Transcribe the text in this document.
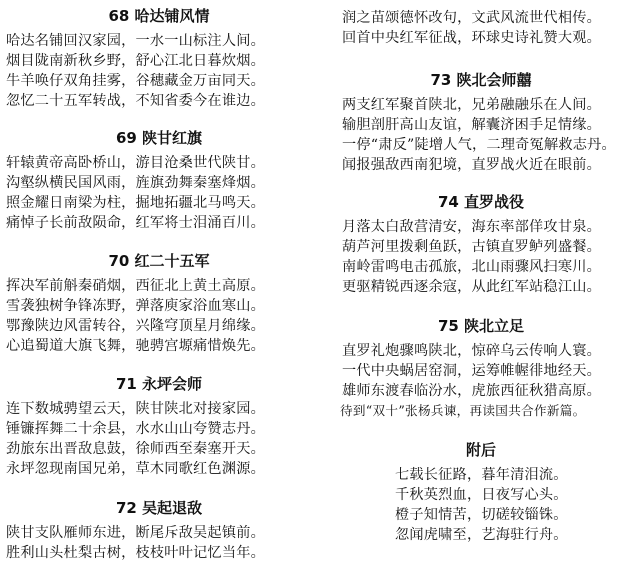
68 哈达铺风情
哈达名铺回汉家园，一水一山标注人间。
烟目陇南新秋乡野，舒心江北日暮炊烟。
牛羊唤仔双角挂雾，谷穗藏金万亩同天。
忽忆二十五军转战，不知省委今在谁边。
69 陕甘红旗
轩辕黄帝高卧桥山，游目沧桑世代陕甘。
沟壑纵横民国风雨，旌旗劲舞秦塞烽烟。
照金耀日南梁为柱，掘地拓疆北马鸣天。
痛悼子长前敌陨命，红军将士泪涌百川。
70 红二十五军
挥决军前斛秦硝烟，西征北上黄土高原。
雪袭独树争锋冻野，弹落庾家浴血寒山。
鄂豫陕边风雷转谷，兴隆穹顶星月绵缘。
心追蜀道大旗飞舞，驰骋宫塬痛惜焕先。
71 永坪会师
连下数城骋望云天，陕甘陕北对接家园。
锤镰挥舞二十余县，水水山山夸赞志丹。
劲旅东出晋敌息鼓，徐师西至秦塞开天。
永坪忽现南国兄弟，草木同歌红色渊源。
72 吴起退敌
陕甘支队雁师东进，断尾斥敌吴起镇前。
胜利山头杜梨古树，枝枝叶叶记忆当年。
润之苗颂德怀改句，文武风流世代相传。
回首中央红军征战，环球史诗礼赞大观。
73 陕北会师囍
两支红军聚首陕北，兄弟融融乐在人间。
输胆剖肝高山友谊，解囊济困手足情缘。
一停“肃反”陡增人气，二理奇冤解救志丹。
闻报强敌西南犯境，直罗战火近在眼前。
74 直罗战役
月落太白敌营清安，海东率部佯攻甘泉。
葫芦河里拨剩鱼跃，古镇直罗鲈列盛餐。
南岭雷鸣电击孤旅，北山雨骤风扫寒川。
更驱精锐西逐余寇，从此红军站稳江山。
75 陕北立足
直罗礼炮骤鸣陕北，惊碎乌云传响人寰。
一代中央蜗居窑洞，运筹帷幄徘地经天。
雄师东渡春临汾水，虎旅西征秋猎高原。
待到“双十”张杨兵谏，再读国共合作新篇。
附后
七载长征路，暮年清泪流。
千秋英烈血，日夜写心头。
橙子知情苦，切磋较锱铢。
忽闻虎啸至，艺海驻行舟。
